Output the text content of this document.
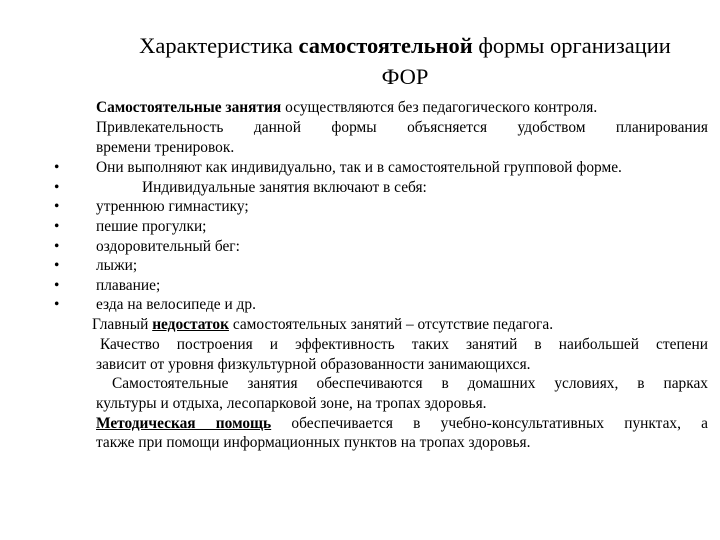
Характеристика самостоятельной формы организации
ФОР
Самостоятельные занятия осуществляются без педагогического контроля.
Привлекательность данной формы объясняется удобством планирования
времени тренировок.
• Они выполняют как индивидуально, так и в самостоятельной групповой форме.
•	Индивидуальные занятия включают в себя:
• утреннюю гимнастику;
• пешие прогулки;
• оздоровительный бег:
• лыжи;
• плавание;
• езда на велосипеде и др.
Главный недостаток самостоятельных занятий – отсутствие педагога.
Качество построения и эффективность таких занятий в наибольшей степени
зависит от уровня физкультурной образованности занимающихся.
Самостоятельные занятия обеспечиваются в домашних условиях, в парках
культуры и отдыха, лесопарковой зоне, на тропах здоровья.
Методическая помощь обеспечивается в учебно-консультативных пунктах, а
также при помощи информационных пунктов на тропах здоровья.
